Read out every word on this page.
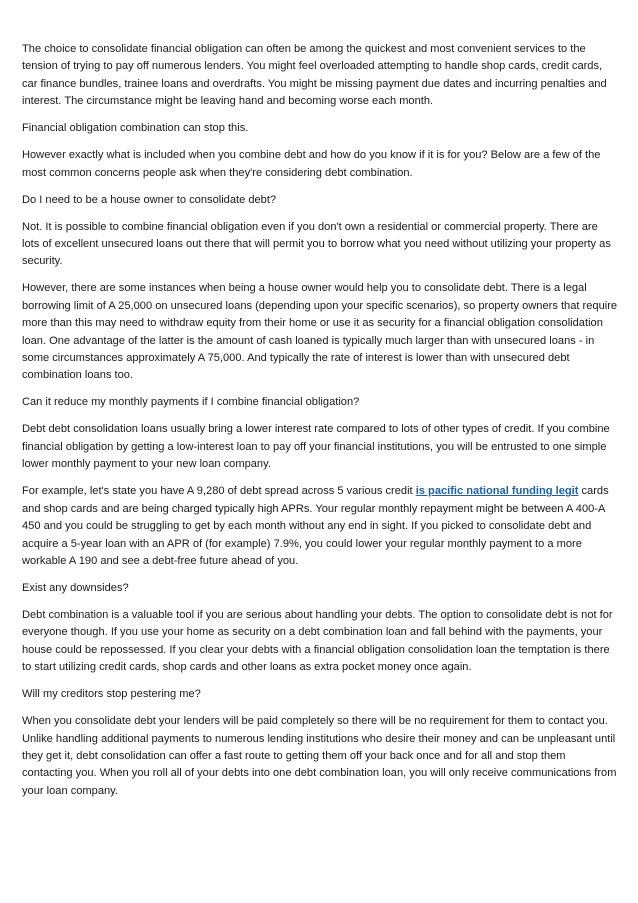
The choice to consolidate financial obligation can often be among the quickest and most convenient services to the tension of trying to pay off numerous lenders. You might feel overloaded attempting to handle shop cards, credit cards, car finance bundles, trainee loans and overdrafts. You might be missing payment due dates and incurring penalties and interest. The circumstance might be leaving hand and becoming worse each month.

Financial obligation combination can stop this.

However exactly what is included when you combine debt and how do you know if it is for you? Below are a few of the most common concerns people ask when they're considering debt combination.

Do I need to be a house owner to consolidate debt?

Not. It is possible to combine financial obligation even if you don't own a residential or commercial property. There are lots of excellent unsecured loans out there that will permit you to borrow what you need without utilizing your property as security.

However, there are some instances when being a house owner would help you to consolidate debt. There is a legal borrowing limit of A 25,000 on unsecured loans (depending upon your specific scenarios), so property owners that require more than this may need to withdraw equity from their home or use it as security for a financial obligation consolidation loan. One advantage of the latter is the amount of cash loaned is typically much larger than with unsecured loans - in some circumstances approximately A 75,000. And typically the rate of interest is lower than with unsecured debt combination loans too.

Can it reduce my monthly payments if I combine financial obligation?

Debt debt consolidation loans usually bring a lower interest rate compared to lots of other types of credit. If you combine financial obligation by getting a low-interest loan to pay off your financial institutions, you will be entrusted to one simple lower monthly payment to your new loan company.

For example, let's state you have A 9,280 of debt spread across 5 various credit is pacific national funding legit cards and shop cards and are being charged typically high APRs. Your regular monthly repayment might be between A 400-A 450 and you could be struggling to get by each month without any end in sight. If you picked to consolidate debt and acquire a 5-year loan with an APR of (for example) 7.9%, you could lower your regular monthly payment to a more workable A 190 and see a debt-free future ahead of you.

Exist any downsides?

Debt combination is a valuable tool if you are serious about handling your debts. The option to consolidate debt is not for everyone though. If you use your home as security on a debt combination loan and fall behind with the payments, your house could be repossessed. If you clear your debts with a financial obligation consolidation loan the temptation is there to start utilizing credit cards, shop cards and other loans as extra pocket money once again.

Will my creditors stop pestering me?

When you consolidate debt your lenders will be paid completely so there will be no requirement for them to contact you. Unlike handling additional payments to numerous lending institutions who desire their money and can be unpleasant until they get it, debt consolidation can offer a fast route to getting them off your back once and for all and stop them contacting you. When you roll all of your debts into one debt combination loan, you will only receive communications from your loan company.
